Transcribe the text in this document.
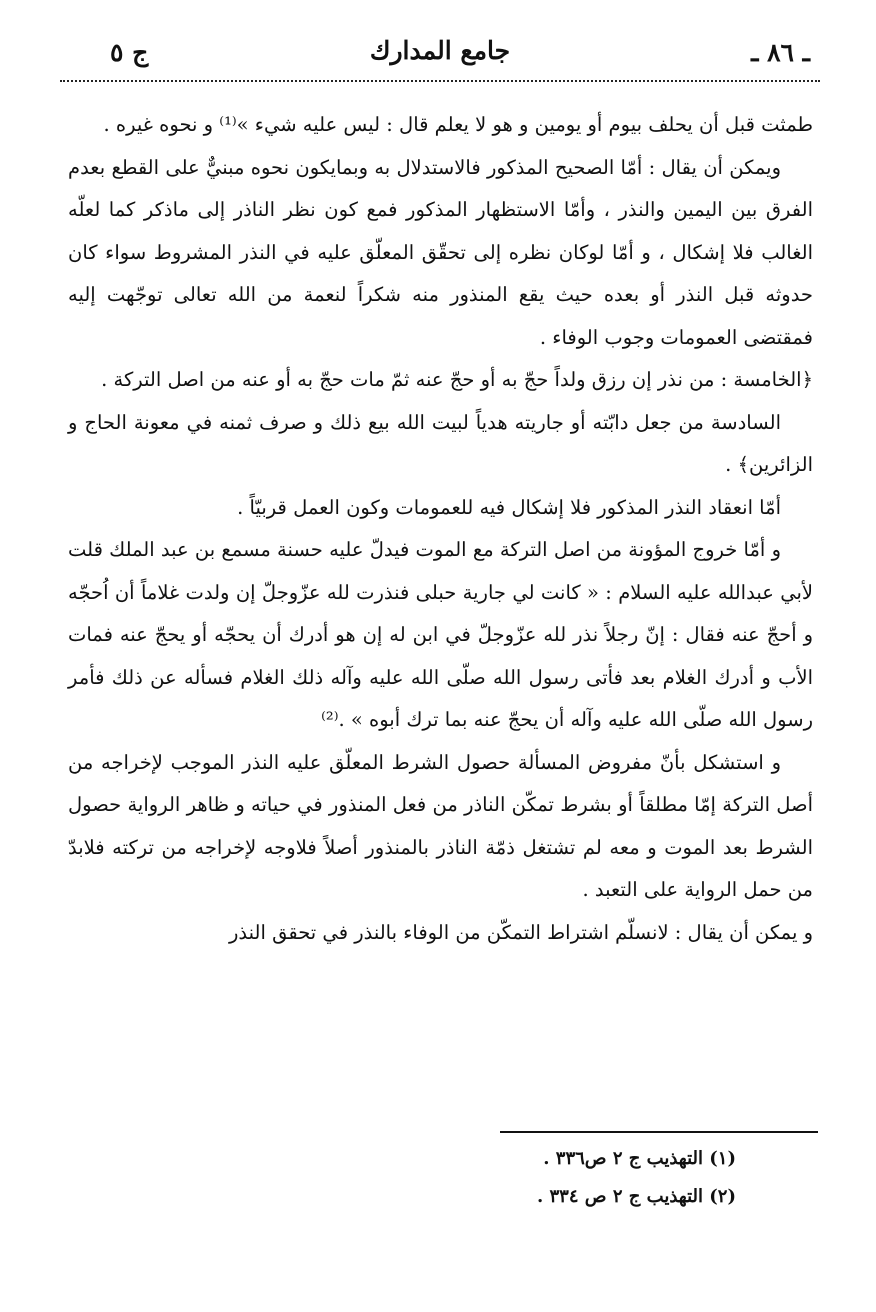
ج ٥	جامع المدارك	ـ ٨٦ ـ

طمثت قبل أن يحلف بيوم أو يومين و هو لا يعلم قال : ليس عليه شيء »⁽¹⁾ و نحوه غيره .

ويمكن أن يقال : أمّا الصحيح المذكور فالاستدلال به وبمايكون نحوه مبنيٌّ على القطع بعدم الفرق بين اليمين والنذر ، وأمّا الاستظهار المذكور فمع كون نظر الناذر إلى ماذكر كما لعلّه الغالب فلا إشكال ، و أمّا لوكان نظره إلى تحقّق المعلّق عليه في النذر المشروط سواء كان حدوثه قبل النذر أو بعده حيث يقع المنذور منه شكراً لنعمة من الله تعالى توجّهت إليه فمقتضى العمومات وجوب الوفاء .

﴿الخامسة : من نذر إن رزق ولداً حجّ به أو حجّ عنه ثمّ مات حجّ به أو عنه من اصل التركة .

السادسة من جعل دابّته أو جاريته هدياً لبيت الله بيع ذلك و صرف ثمنه في معونة الحاج و الزائرين﴾ .

أمّا انعقاد النذر المذكور فلا إشكال فيه للعمومات وكون العمل قربيّاً .

و أمّا خروج المؤونة من اصل التركة مع الموت فيدلّ عليه حسنة مسمع بن عبد الملك قلت لأبي عبدالله عليه السلام : « كانت لي جارية حبلى فنذرت لله عزّوجلّ إن ولدت غلاماً أن اُحجّه و أحجّ عنه فقال : إنّ رجلاً نذر لله عزّوجلّ في ابن له إن هو أدرك أن يحجّه أو يحجّ عنه فمات الأب و أدرك الغلام بعد فأتى رسول الله صلّى الله عليه وآله ذلك الغلام فسأله عن ذلك فأمر رسول الله صلّى الله عليه وآله أن يحجّ عنه بما ترك أبوه » .⁽²⁾

و استشكل بأنّ مفروض المسألة حصول الشرط المعلّق عليه النذر الموجب لإخراجه من أصل التركة إمّا مطلقاً أو بشرط تمكّن الناذر من فعل المنذور في حياته و ظاهر الرواية حصول الشرط بعد الموت و معه لم تشتغل ذمّة الناذر بالمنذور أصلاً فلاوجه لإخراجه من تركته فلابدّ من حمل الرواية على التعبد .

و يمكن أن يقال : لانسلّم اشتراط التمكّن من الوفاء بالنذر في تحقق النذر

(١) التهذيب ج ٢ ص٣٣٦ .
(٢) التهذيب ج ٢ ص ٣٣٤ .
